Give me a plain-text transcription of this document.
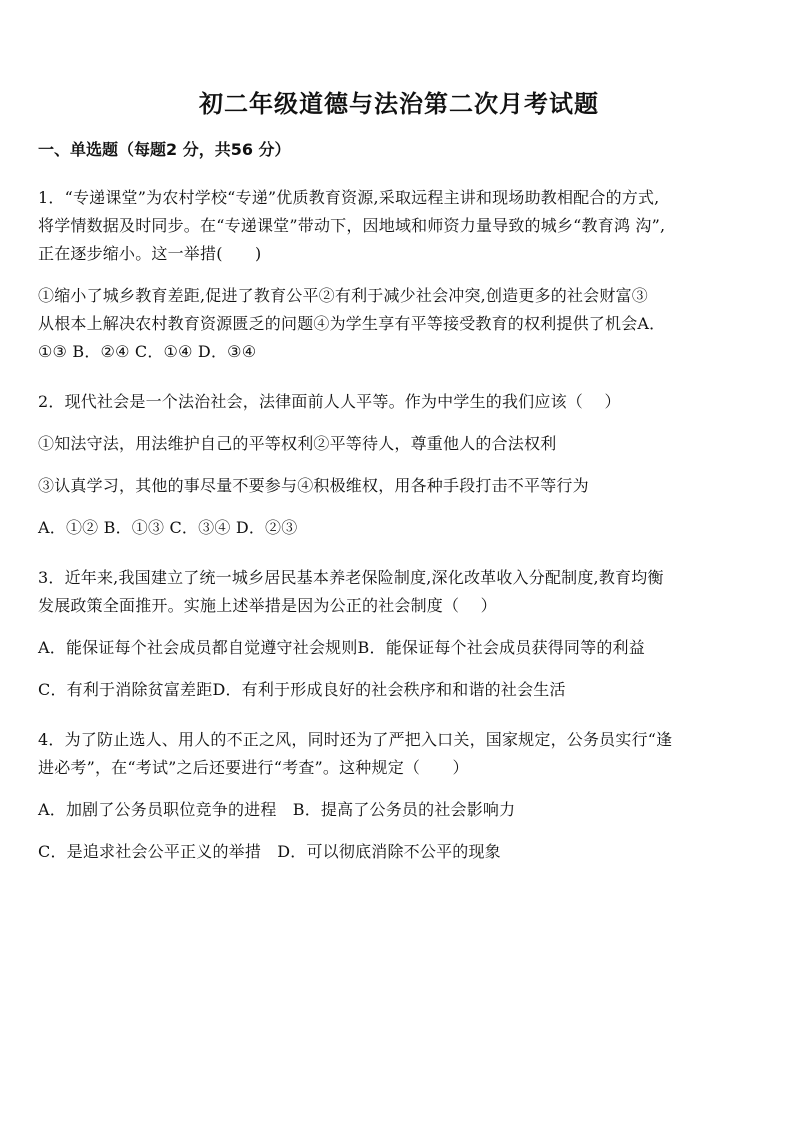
初二年级道德与法治第二次月考试题
一、单选题（每题2 分，共56 分）
1．“专递课堂”为农村学校“专递”优质教育资源,采取远程主讲和现场助教相配合的方式,
将学情数据及时同步。在“专递课堂”带动下，因地域和师资力量导致的城乡“教育鸿 沟”,
正在逐步缩小。这一举措(　　)
①缩小了城乡教育差距,促进了教育公平②有利于减少社会冲突,创造更多的社会财富③
从根本上解决农村教育资源匮乏的问题④为学生享有平等接受教育的权利提供了机会A．
①③ B．②④ C．①④ D．③④
2．现代社会是一个法治社会，法律面前人人平等。作为中学生的我们应该（　 ）
①知法守法，用法维护自己的平等权利②平等待人，尊重他人的合法权利
③认真学习，其他的事尽量不要参与④积极维权，用各种手段打击不平等行为
A．①② B．①③ C．③④ D．②③
3．近年来,我国建立了统一城乡居民基本养老保险制度,深化改革收入分配制度,教育均衡
发展政策全面推开。实施上述举措是因为公正的社会制度（　 ）
A．能保证每个社会成员都自觉遵守社会规则B．能保证每个社会成员获得同等的利益
C．有利于消除贫富差距D．有利于形成良好的社会秩序和和谐的社会生活
4．为了防止选人、用人的不正之风，同时还为了严把入口关，国家规定，公务员实行“逢
进必考”，在“考试”之后还要进行“考查”。这种规定（　　）
A．加剧了公务员职位竞争的进程　B．提高了公务员的社会影响力
C．是追求社会公平正义的举措　D．可以彻底消除不公平的现象
